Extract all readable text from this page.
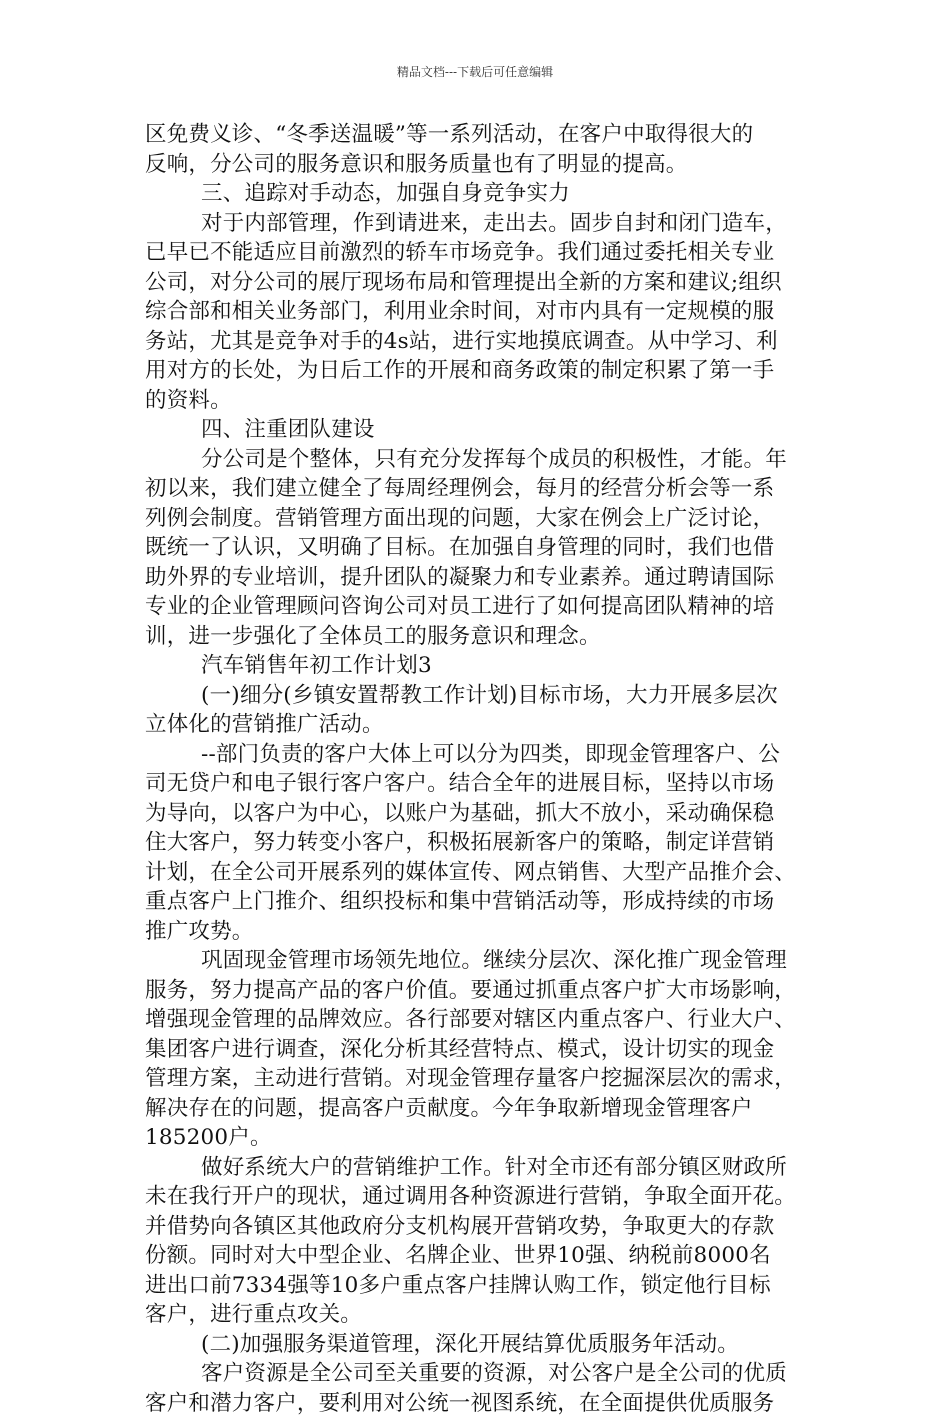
精品文档---下载后可任意编辑
区免费义诊、“冬季送温暖”等一系列活动，在客户中取得很大的
反响，分公司的服务意识和服务质量也有了明显的提高。
三、追踪对手动态，加强自身竞争实力
对于内部管理，作到请进来，走出去。固步自封和闭门造车，
已早已不能适应目前激烈的轿车市场竞争。我们通过委托相关专业
公司，对分公司的展厅现场布局和管理提出全新的方案和建议;组织
综合部和相关业务部门，利用业余时间，对市内具有一定规模的服
务站，尤其是竞争对手的4s站，进行实地摸底调查。从中学习、利
用对方的长处，为日后工作的开展和商务政策的制定积累了第一手
的资料。
四、注重团队建设
分公司是个整体，只有充分发挥每个成员的积极性，才能。年
初以来，我们建立健全了每周经理例会，每月的经营分析会等一系
列例会制度。营销管理方面出现的问题，大家在例会上广泛讨论，
既统一了认识，又明确了目标。在加强自身管理的同时，我们也借
助外界的专业培训，提升团队的凝聚力和专业素养。通过聘请国际
专业的企业管理顾问咨询公司对员工进行了如何提高团队精神的培
训，进一步强化了全体员工的服务意识和理念。
汽车销售年初工作计划3
(一)细分(乡镇安置帮教工作计划)目标市场，大力开展多层次
立体化的营销推广活动。
--部门负责的客户大体上可以分为四类，即现金管理客户、公
司无贷户和电子银行客户客户。结合全年的进展目标，坚持以市场
为导向，以客户为中心，以账户为基础，抓大不放小，采动确保稳
住大客户，努力转变小客户，积极拓展新客户的策略，制定详营销
计划，在全公司开展系列的媒体宣传、网点销售、大型产品推介会、
重点客户上门推介、组织投标和集中营销活动等，形成持续的市场
推广攻势。
巩固现金管理市场领先地位。继续分层次、深化推广现金管理
服务，努力提高产品的客户价值。要通过抓重点客户扩大市场影响，
增强现金管理的品牌效应。各行部要对辖区内重点客户、行业大户、
集团客户进行调查，深化分析其经营特点、模式，设计切实的现金
管理方案，主动进行营销。对现金管理存量客户挖掘深层次的需求，
解决存在的问题，提高客户贡献度。今年争取新增现金管理客户
185200户。
做好系统大户的营销维护工作。针对全市还有部分镇区财政所
未在我行开户的现状，通过调用各种资源进行营销，争取全面开花。
并借势向各镇区其他政府分支机构展开营销攻势，争取更大的存款
份额。同时对大中型企业、名牌企业、世界10强、纳税前8000名
进出口前7334强等10多户重点客户挂牌认购工作，锁定他行目标
客户，进行重点攻关。
(二)加强服务渠道管理，深化开展结算优质服务年活动。
客户资源是全公司至关重要的资源，对公客户是全公司的优质
客户和潜力客户，要利用对公统一视图系统，在全面提供优质服务
